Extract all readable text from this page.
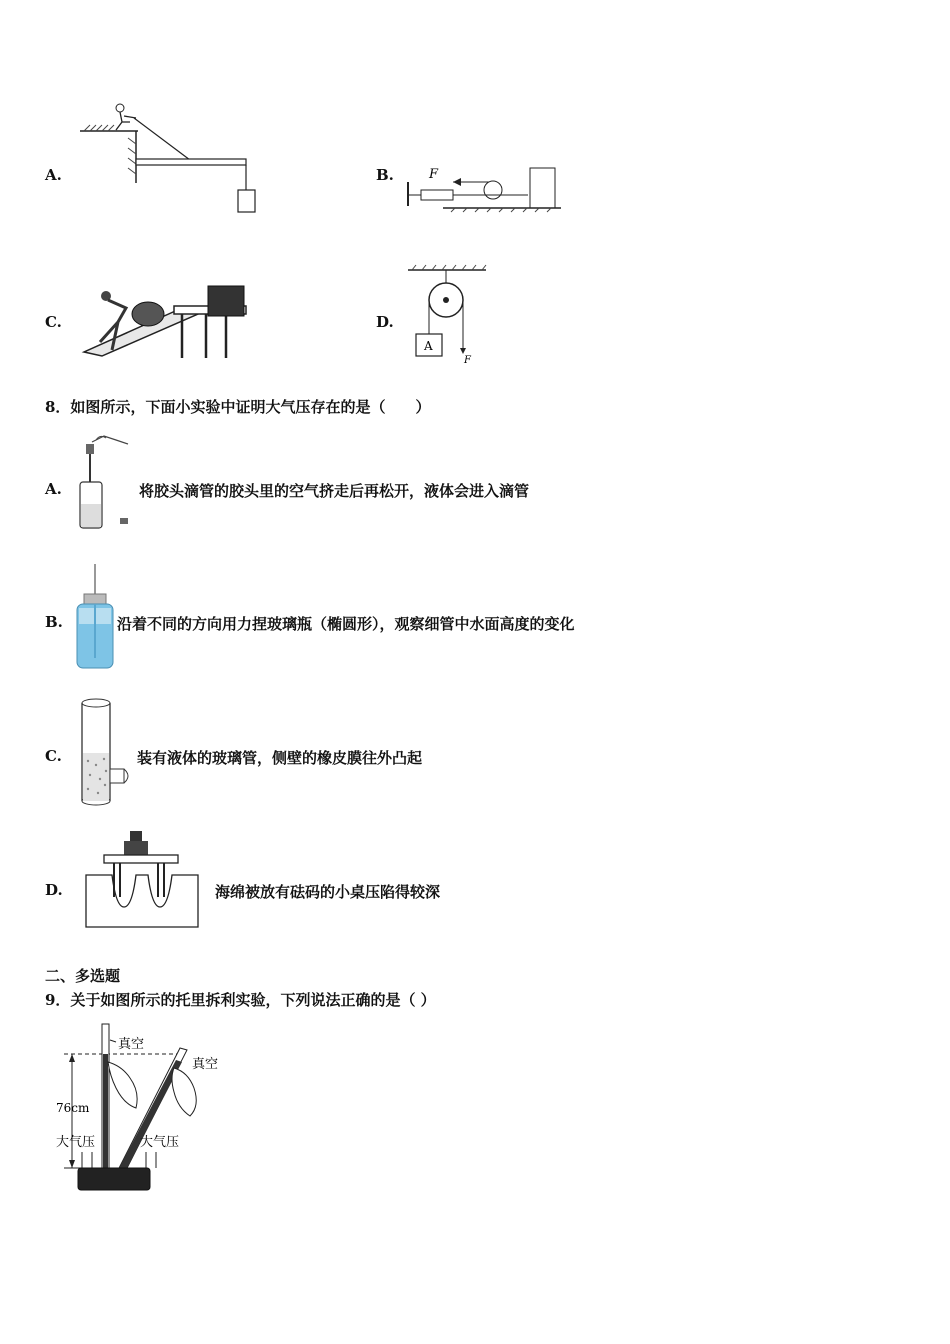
A.	B.	F
C.	D.
A
F
8．如图所示，下面小实验中证明大气压存在的是（　　）
A.	将胶头滴管的胶头里的空气挤走后再松开，液体会进入滴管
B.	沿着不同的方向用力捏玻璃瓶（椭圆形），观察细管中水面高度的变化
C.	装有液体的玻璃管，侧壁的橡皮膜往外凸起
D.	海绵被放有砝码的小桌压陷得较深
二、多选题
9．关于如图所示的托里拆利实验，下列说法正确的是（ ）
76cm
真空
真空
大气压	大气压
